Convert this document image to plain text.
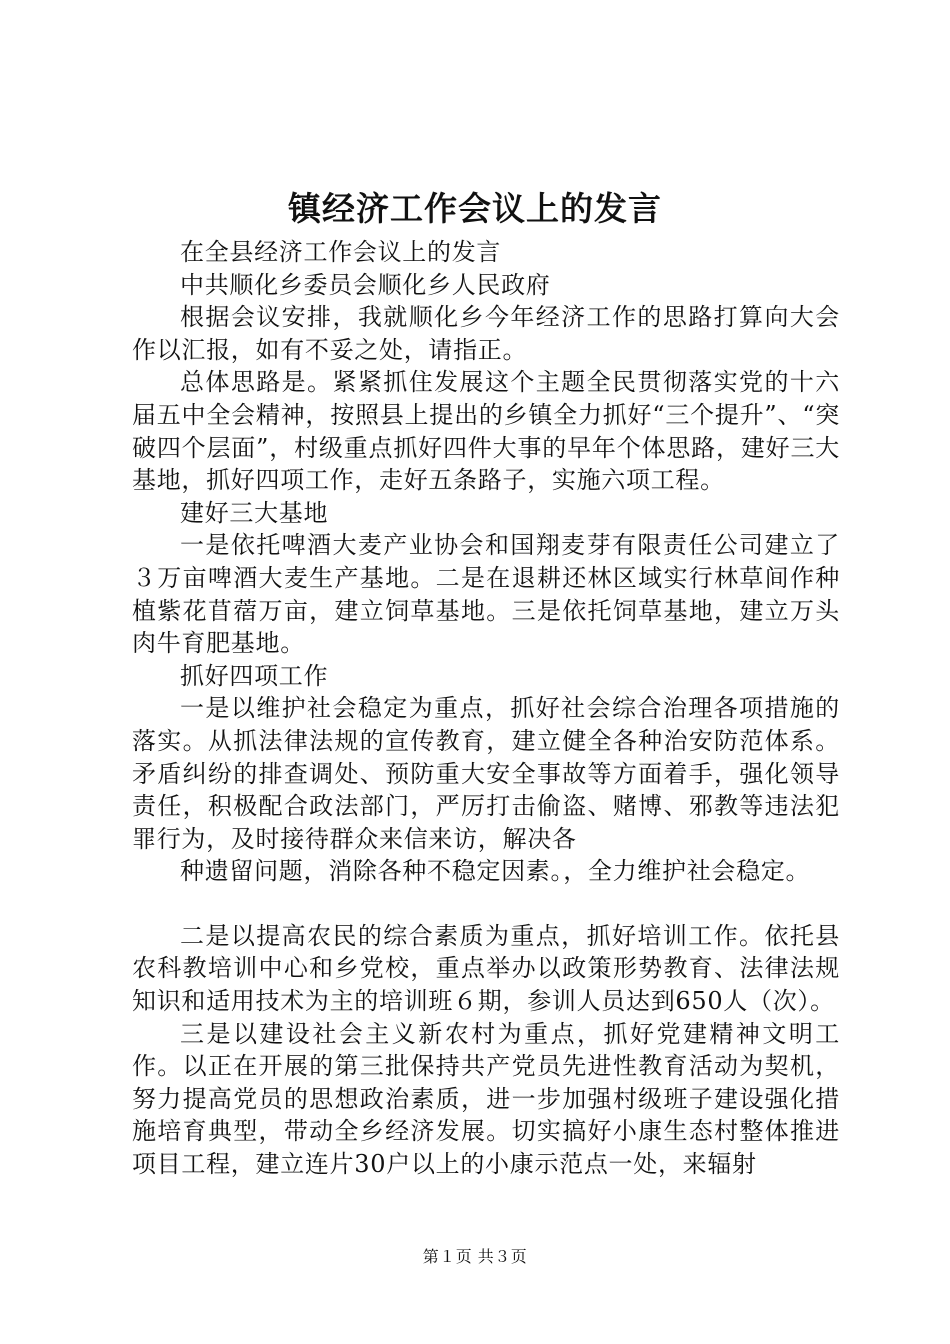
镇经济工作会议上的发言

在全县经济工作会议上的发言

中共顺化乡委员会顺化乡人民政府

根据会议安排，我就顺化乡今年经济工作的思路打算向大会作以汇报，如有不妥之处，请指正。

总体思路是。紧紧抓住发展这个主题全民贯彻落实党的十六届五中全会精神，按照县上提出的乡镇全力抓好“三个提升”、“突破四个层面”，村级重点抓好四件大事的早年个体思路，建好三大基地，抓好四项工作，走好五条路子，实施六项工程。

建好三大基地

一是依托啤酒大麦产业协会和国翔麦芽有限责任公司建立了３万亩啤酒大麦生产基地。二是在退耕还林区域实行林草间作种植紫花苜蓿万亩，建立饲草基地。三是依托饲草基地，建立万头肉牛育肥基地。

抓好四项工作

一是以维护社会稳定为重点，抓好社会综合治理各项措施的落实。从抓法律法规的宣传教育，建立健全各种治安防范体系。矛盾纠纷的排查调处、预防重大安全事故等方面着手，强化领导责任，积极配合政法部门，严厉打击偷盗、赌博、邪教等违法犯罪行为，及时接待群众来信来访，解决各

种遗留问题，消除各种不稳定因素。，全力维护社会稳定。

二是以提高农民的综合素质为重点，抓好培训工作。依托县农科教培训中心和乡党校，重点举办以政策形势教育、法律法规知识和适用技术为主的培训班６期，参训人员达到650人（次）。

三是以建设社会主义新农村为重点，抓好党建精神文明工作。以正在开展的第三批保持共产党员先进性教育活动为契机，努力提高党员的思想政治素质，进一步加强村级班子建设强化措施培育典型，带动全乡经济发展。切实搞好小康生态村整体推进项目工程，建立连片30户以上的小康示范点一处，来辐射

第１页 共３页
